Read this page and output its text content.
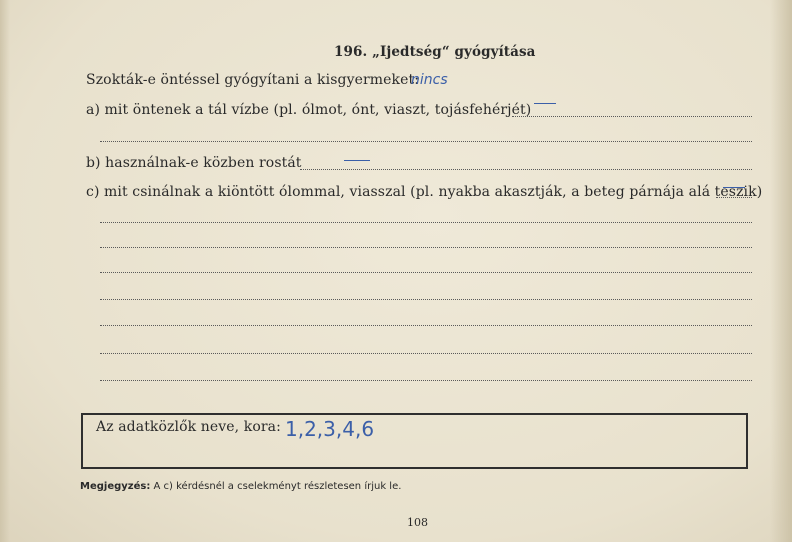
196. „Ijedtség“ gyógyítása
Szokták-e öntéssel gyógyítani a kisgyermeket:
nincs
a) mit öntenek a tál vízbe (pl. ólmot, ónt, viaszt, tojásfehérjét)
b) használnak-e közben rostát
c) mit csinálnak a kiöntött ólommal, viasszal (pl. nyakba akasztják, a beteg párnája alá teszik)
Az adatközlők neve, kora: 1,2,3,4,6
Megjegyzés: A c) kérdésnél a cselekményt részletesen írjuk le.
108
